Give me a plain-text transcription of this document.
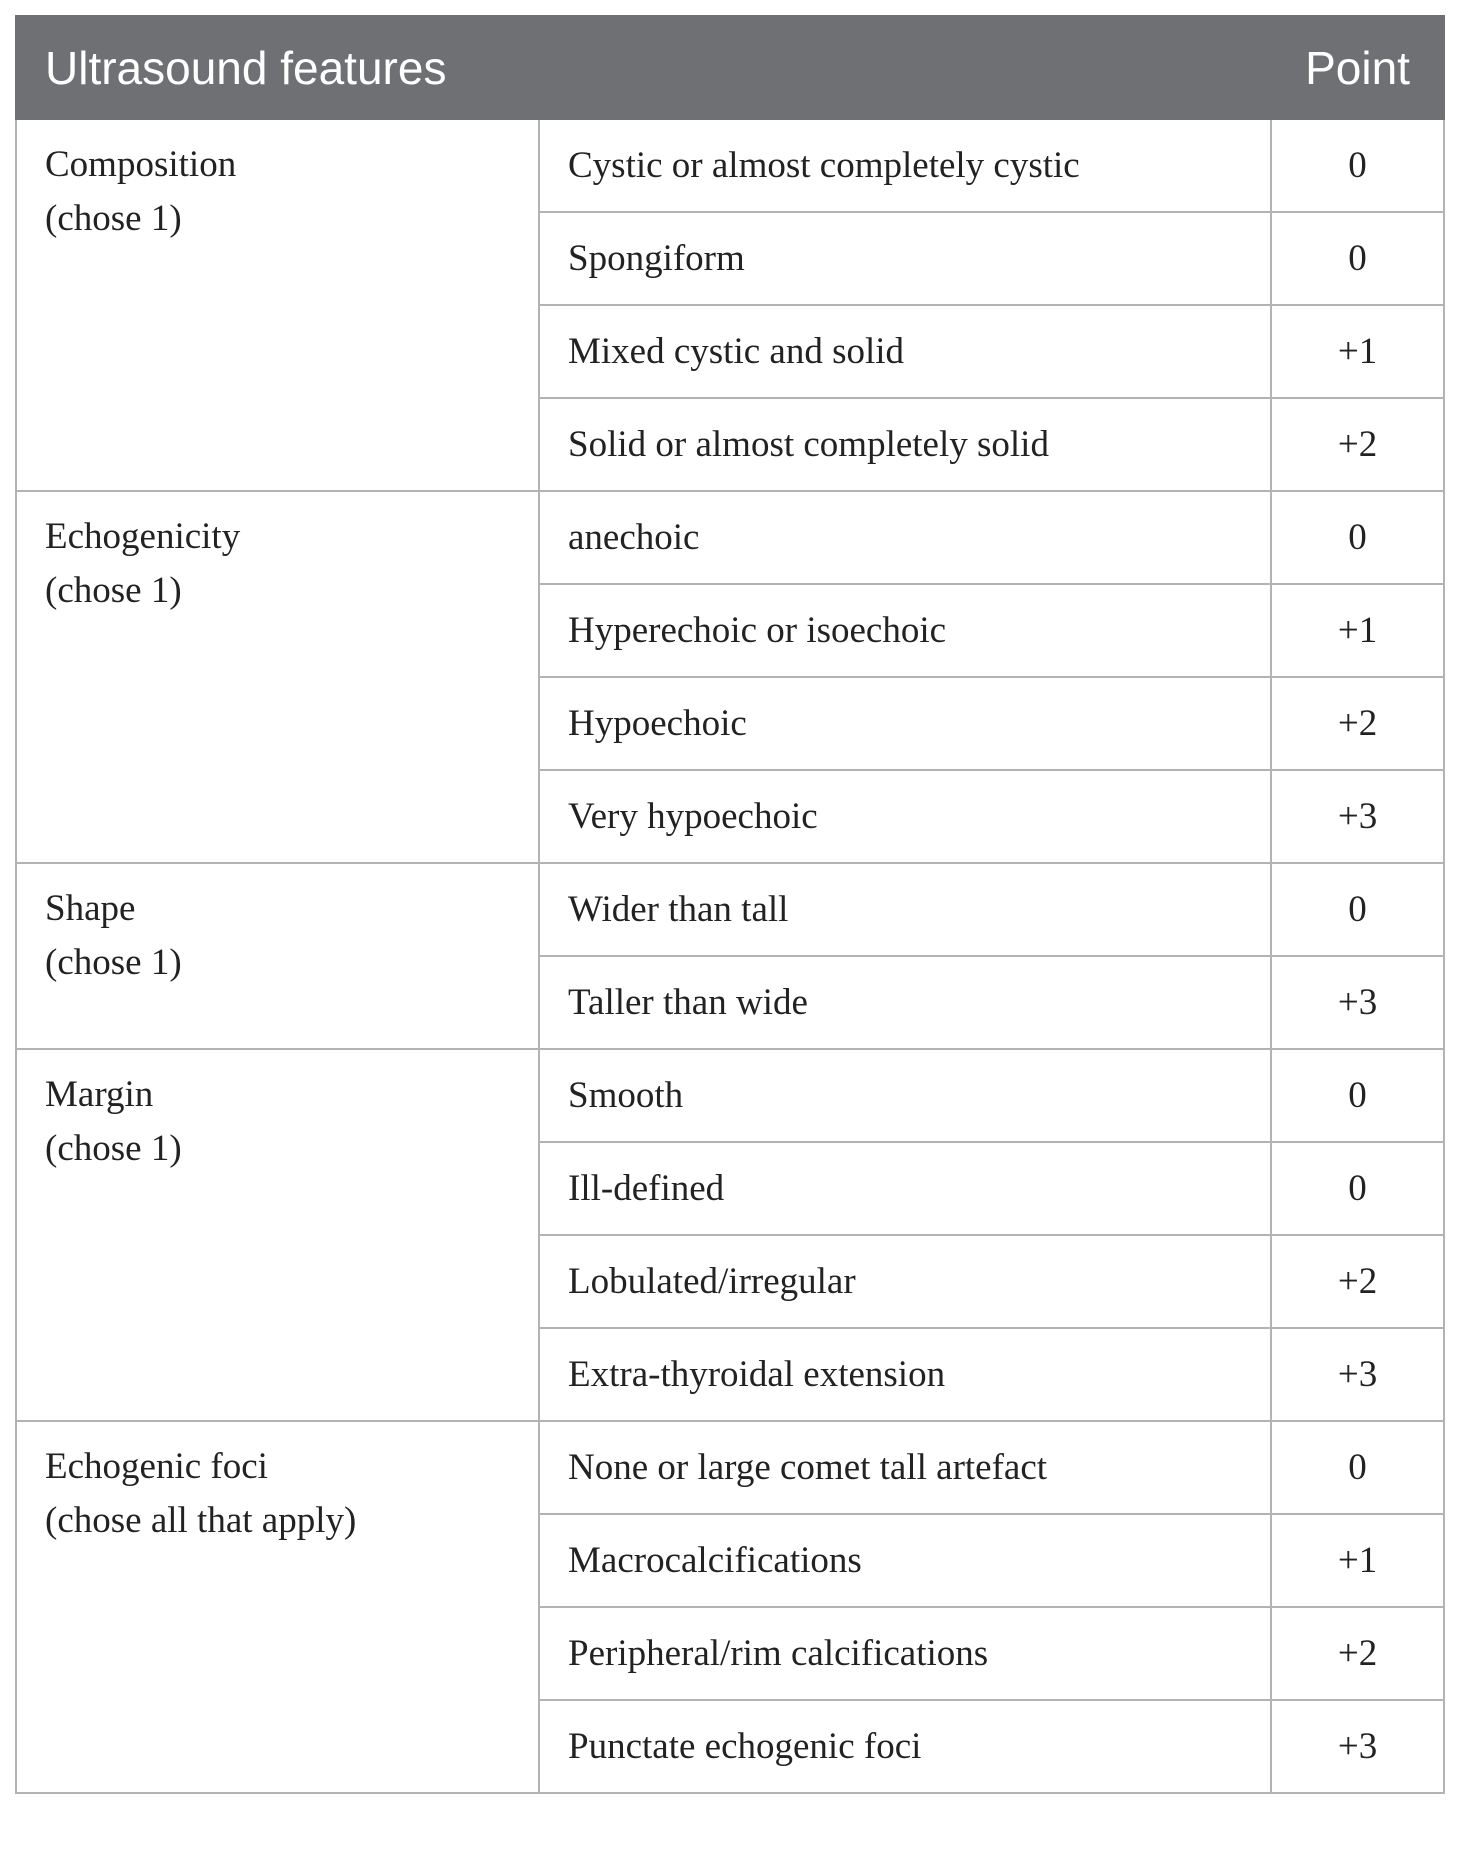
Ultrasound features		Point

Composition
(chose 1)	Cystic or almost completely cystic	0
	Spongiform	0
	Mixed cystic and solid	+1
	Solid or almost completely solid	+2

Echogenicity
(chose 1)	anechoic	0
	Hyperechoic or isoechoic	+1
	Hypoechoic	+2
	Very hypoechoic	+3

Shape
(chose 1)	Wider than tall	0
	Taller than wide	+3

Margin
(chose 1)	Smooth	0
	Ill-defined	0
	Lobulated/irregular	+2
	Extra-thyroidal extension	+3

Echogenic foci
(chose all that apply)	None or large comet tall artefact	0
	Macrocalcifications	+1
	Peripheral/rim calcifications	+2
	Punctate echogenic foci	+3
